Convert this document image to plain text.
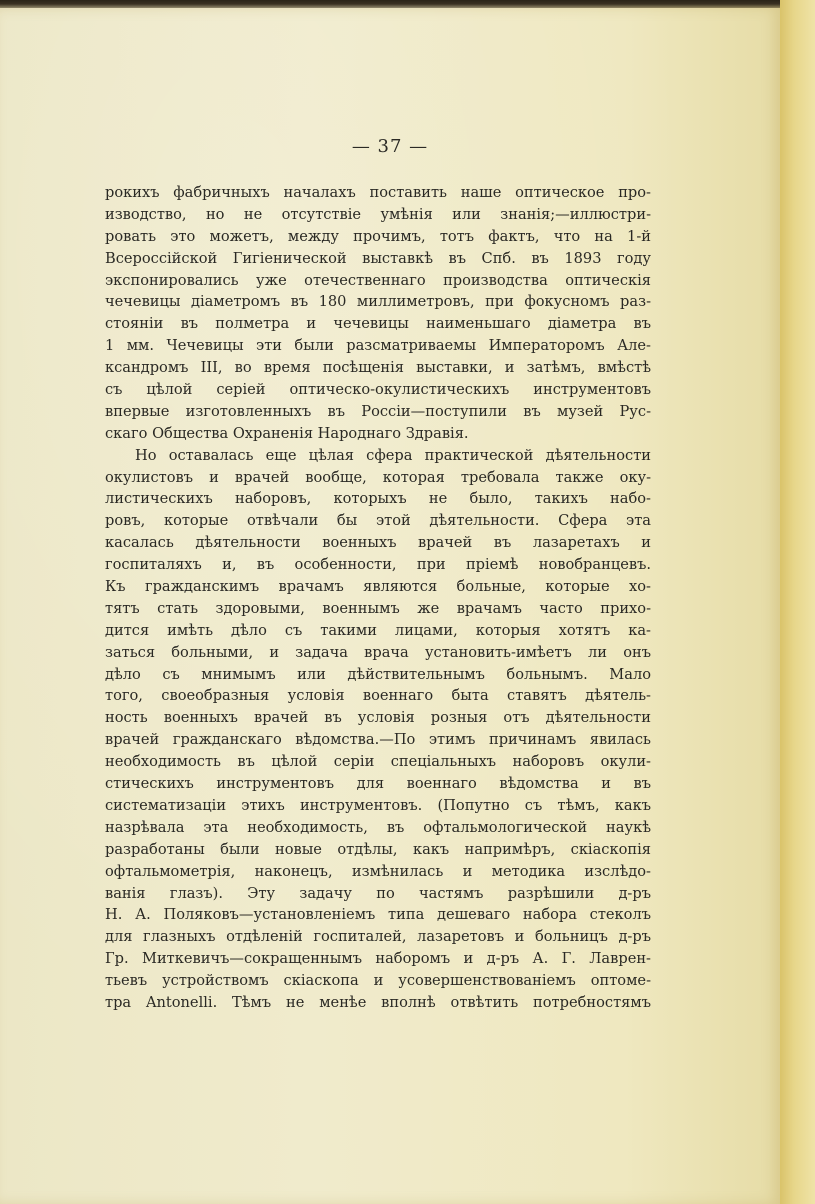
— 37 —
рокихъ фабричныхъ началахъ поставить наше оптическое про-
изводство, но не отсутствіе умѣнія или знанія;—иллюстри-
ровать это можетъ, между прочимъ, тотъ фактъ, что на 1-й
Всероссійской Гигіенической выставкѣ въ Спб. въ 1893 году
экспонировались уже отечественнаго производства оптическія
чечевицы діаметромъ въ 180 миллиметровъ, при фокусномъ раз-
стояніи въ полметра и чечевицы наименьшаго діаметра въ
1 мм. Чечевицы эти были разсматриваемы Императоромъ Але-
ксандромъ III, во время посѣщенія выставки, и затѣмъ, вмѣстѣ
съ цѣлой серіей оптическо-окулистическихъ инструментовъ
впервые изготовленныхъ въ Россіи—поступили въ музей Рус-
скаго Общества Охраненія Народнаго Здравія.
Но оставалась еще цѣлая сфера практической дѣятельности
окулистовъ и врачей вообще, которая требовала также оку-
листическихъ наборовъ, которыхъ не было, такихъ набо-
ровъ, которые отвѣчали бы этой дѣятельности. Сфера эта
касалась дѣятельности военныхъ врачей въ лазаретахъ и
госпиталяхъ и, въ особенности, при пріемѣ новобранцевъ.
Къ гражданскимъ врачамъ являются больные, которые хо-
тятъ стать здоровыми, военнымъ же врачамъ часто прихо-
дится имѣть дѣло съ такими лицами, которыя хотятъ ка-
заться больными, и задача врача установить-имѣетъ ли онъ
дѣло съ мнимымъ или дѣйствительнымъ больнымъ. Мало
того, своеобразныя условія военнаго быта ставятъ дѣятель-
ность военныхъ врачей въ условія розныя отъ дѣятельности
врачей гражданскаго вѣдомства.—По этимъ причинамъ явилась
необходимость въ цѣлой серіи спеціальныхъ наборовъ окули-
стическихъ инструментовъ для военнаго вѣдомства и въ
систематизаціи этихъ инструментовъ. (Попутно съ тѣмъ, какъ
назрѣвала эта необходимость, въ офтальмологической наукѣ
разработаны были новые отдѣлы, какъ напримѣръ, скіаскопія
офтальмометрія, наконецъ, измѣнилась и методика изслѣдо-
ванія глазъ). Эту задачу по частямъ разрѣшили д-ръ
Н. А. Поляковъ—установленіемъ типа дешеваго набора стеколъ
для глазныхъ отдѣленій госпиталей, лазаретовъ и больницъ д-ръ
Гр. Миткевичъ—сокращеннымъ наборомъ и д-ръ А. Г. Лаврен-
тьевъ устройствомъ скіаскопа и усовершенствованіемъ оптоме-
тра Antonelli. Тѣмъ не менѣе вполнѣ отвѣтить потребностямъ
